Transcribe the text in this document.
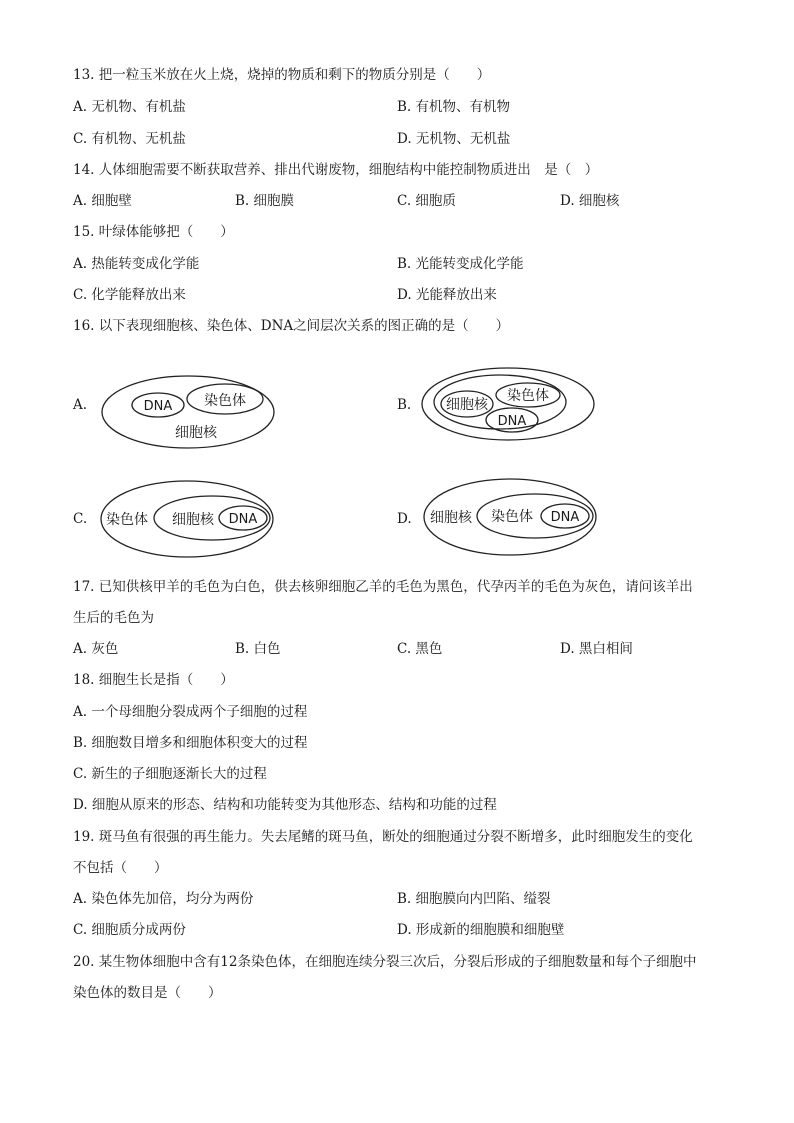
13. 把一粒玉米放在火上烧，烧掉的物质和剩下的物质分别是（　　）
A. 无机物、有机盐	B. 有机物、有机物
C. 有机物、无机盐	D. 无机物、无机盐
14. 人体细胞需要不断获取营养、排出代谢废物，细胞结构中能控制物质进出　是（　）
A. 细胞壁	B. 细胞膜	C. 细胞质	D. 细胞核
15. 叶绿体能够把（　　）
A. 热能转变成化学能	B. 光能转变成化学能
C. 化学能释放出来	D. 光能释放出来
16. 以下表现细胞核、染色体、DNA之间层次关系的图正确的是（　　）
A.	DNA 染色体
细胞核
B. 细胞核
染色体
DNA
C. 染色体 细胞核 DNA	D. 细胞核 染色体 DNA
17. 已知供核甲羊的毛色为白色，供去核卵细胞乙羊的毛色为黑色，代孕丙羊的毛色为灰色，请问该羊出
生后的毛色为
A. 灰色	B. 白色	C. 黑色	D. 黑白相间
18. 细胞生长是指（　　）
A. 一个母细胞分裂成两个子细胞的过程
B. 细胞数目增多和细胞体积变大的过程
C. 新生的子细胞逐渐长大的过程
D. 细胞从原来的形态、结构和功能转变为其他形态、结构和功能的过程
19. 斑马鱼有很强的再生能力。失去尾鳍的斑马鱼，断处的细胞通过分裂不断增多，此时细胞发生的变化
不包括（　　）
A. 染色体先加倍，均分为两份	B. 细胞膜向内凹陷、缢裂
C. 细胞质分成两份	D. 形成新的细胞膜和细胞壁
20. 某生物体细胞中含有12条染色体，在细胞连续分裂三次后，分裂后形成的子细胞数量和每个子细胞中
染色体的数目是（　　）
